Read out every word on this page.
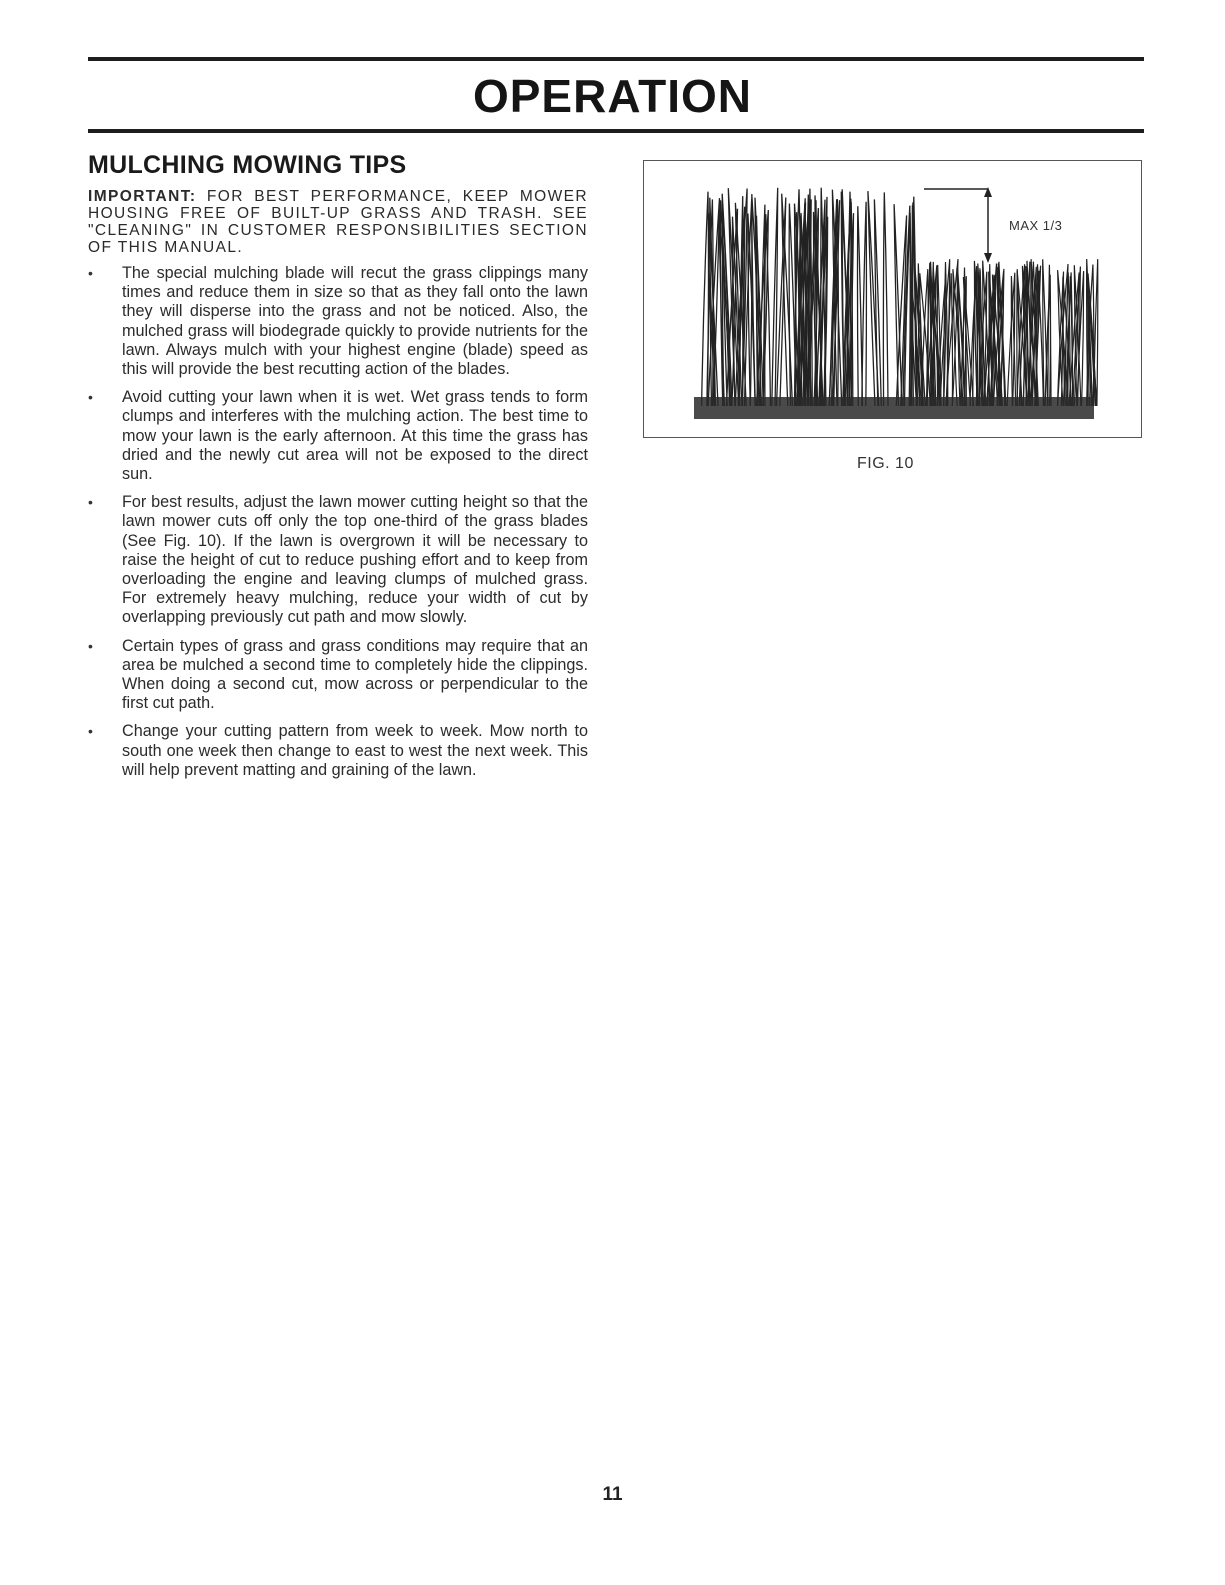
OPERATION
MULCHING MOWING TIPS

IMPORTANT: FOR BEST PERFORMANCE, KEEP MOWER HOUSING FREE OF BUILT-UP GRASS AND TRASH. SEE "CLEANING" IN CUSTOMER RESPONSIBILITIES SECTION OF THIS MANUAL.

•	The special mulching blade will recut the grass clippings many times and reduce them in size so that as they fall onto the lawn they will disperse into the grass and not be noticed. Also, the mulched grass will biodegrade quickly to provide nutrients for the lawn. Always mulch with your highest engine (blade) speed as this will provide the best recutting action of the blades.
•	Avoid cutting your lawn when it is wet. Wet grass tends to form clumps and interferes with the mulching action. The best time to mow your lawn is the early afternoon. At this time the grass has dried and the newly cut area will not be exposed to the direct sun.
•	For best results, adjust the lawn mower cutting height so that the lawn mower cuts off only the top one-third of the grass blades (See Fig. 10). If the lawn is overgrown it will be necessary to raise the height of cut to reduce pushing effort and to keep from overloading the engine and leaving clumps of mulched grass. For extremely heavy mulching, reduce your width of cut by overlapping previously cut path and mow slowly.
•	Certain types of grass and grass conditions may require that an area be mulched a second time to completely hide the clippings. When doing a second cut, mow across or perpendicular to the first cut path.
•	Change your cutting pattern from week to week. Mow north to south one week then change to east to west the next week. This will help prevent matting and graining of the lawn.
MAX 1/3
FIG. 10
11
